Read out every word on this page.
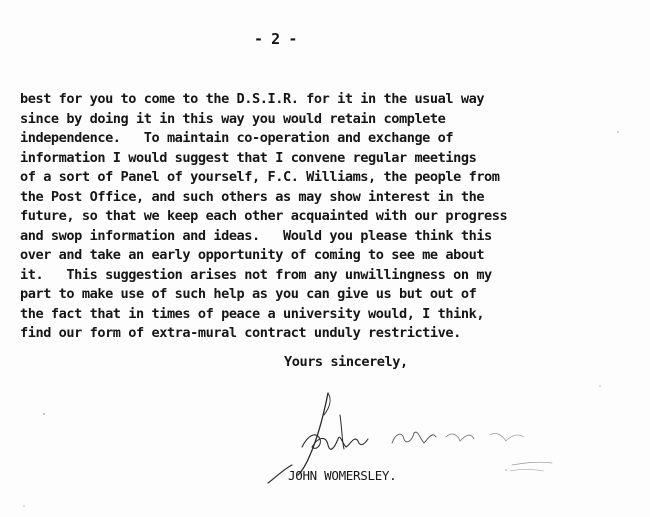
- 2 -
best for you to come to the D.S.I.R. for it in the usual way
since by doing it in this way you would retain complete
independence.   To maintain co-operation and exchange of
information I would suggest that I convene regular meetings
of a sort of Panel of yourself, F.C. Williams, the people from
the Post Office, and such others as may show interest in the
future, so that we keep each other acquainted with our progress
and swop information and ideas.   Would you please think this
over and take an early opportunity of coming to see me about
it.   This suggestion arises not from any unwillingness on my
part to make use of such help as you can give us but out of
the fact that in times of peace a university would, I think,
find our form of extra-mural contract unduly restrictive.
Yours sincerely,
JOHN WOMERSLEY.
